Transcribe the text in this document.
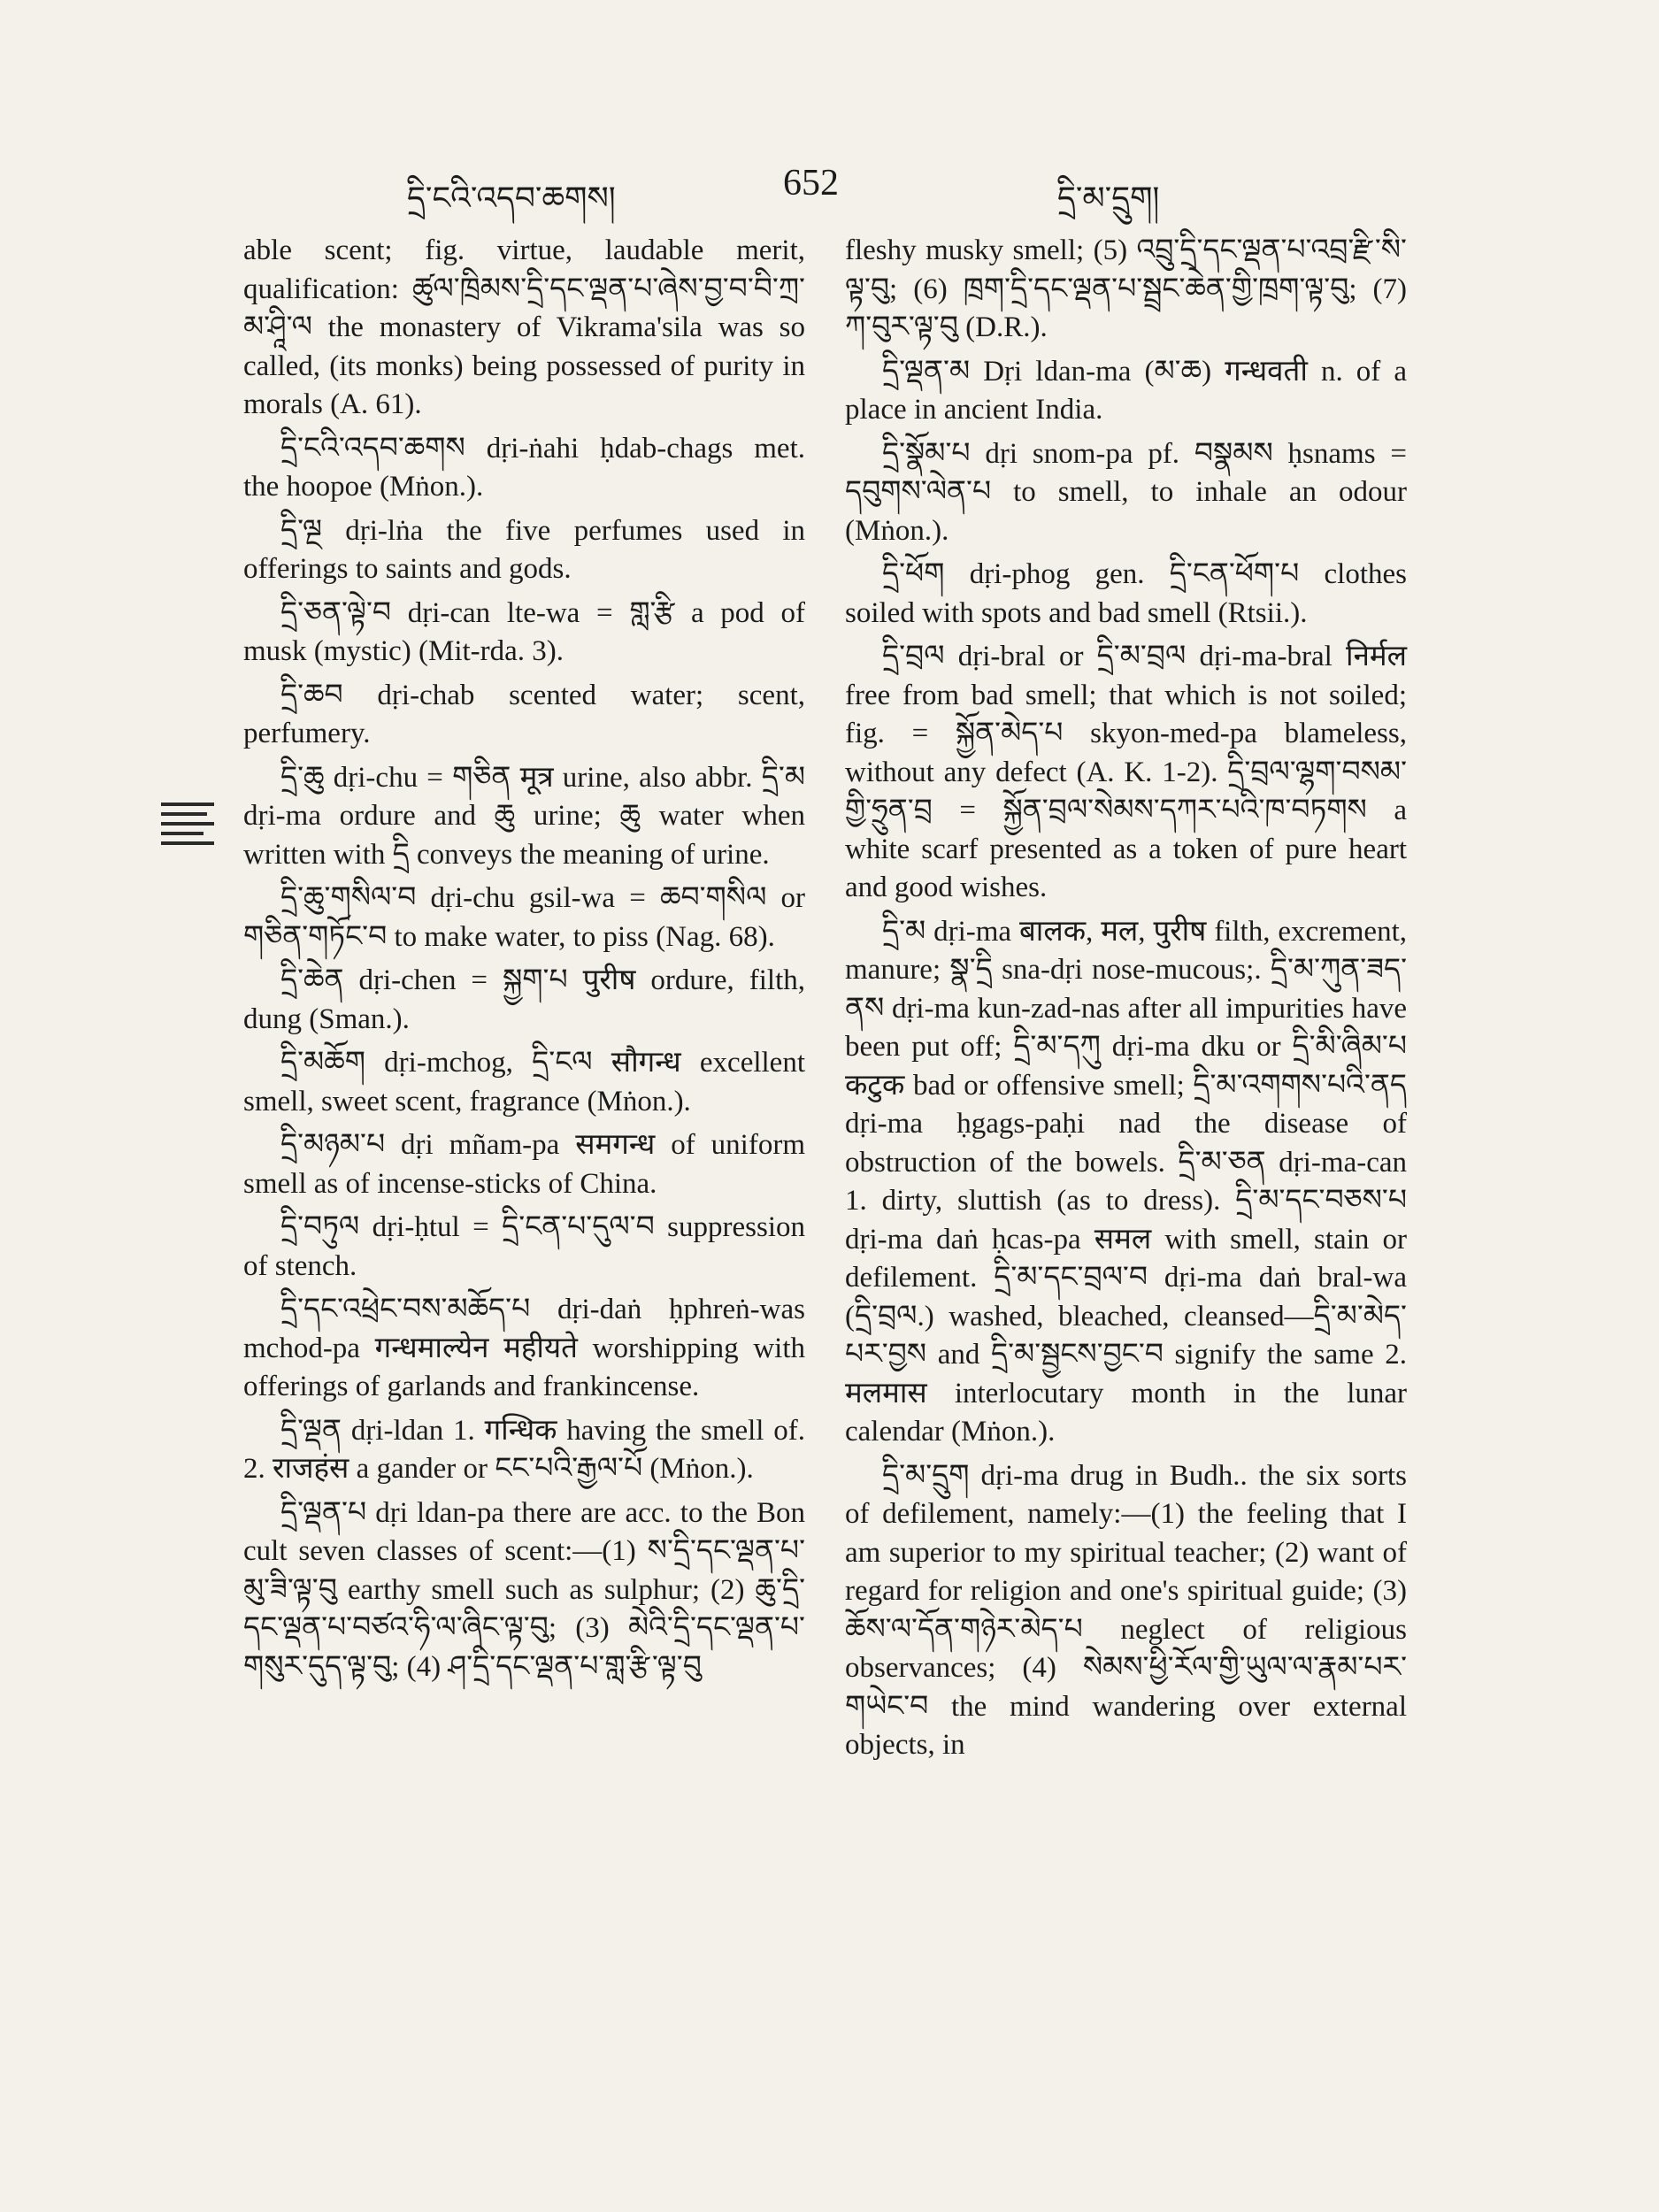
དྲི་ངའི་འདབ་ཆགས།	652	དྲི་མ་དྲུག།

able scent; fig. virtue, laudable merit, qualification: ཚུལ་ཁྲིམས་དྲི་དང་ལྡན་པ་ཞེས་བྱ་བ་བི་ཀྲ་མ་ཤཱི་ལ the monastery of Vikrama'sila was so called, (its monks) being possessed of purity in morals (A. 61).

དྲི་ངའི་འདབ་ཆགས dṛi-ṅahi ḥdab-chags met. the hoopoe (Mṅon.).

དྲི་ལྔ dṛi-lṅa the five perfumes used in offerings to saints and gods.

དྲི་ཅན་ལྟེ་བ dṛi-can lte-wa = གླ་རྩི a pod of musk (mystic) (Mit-rda. 3).

དྲི་ཆབ dṛi-chab scented water; scent, perfumery.

དྲི་ཆུ dṛi-chu = གཅིན मूत्र urine, also abbr. དྲི་མ dṛi-ma ordure and ཆུ urine; ཆུ water when written with དྲི conveys the meaning of urine.

དྲི་ཆུ་གསིལ་བ dṛi-chu gsil-wa = ཆབ་གསིལ or གཅིན་གཏོང་བ to make water, to piss (Nag. 68).

དྲི་ཆེན dṛi-chen = སྐྱག་པ पुरीष ordure, filth, dung (Sman.).

དྲི་མཆོག dṛi-mchog, དྲི་ངལ सौगन्ध excellent smell, sweet scent, fragrance (Mṅon.).

དྲི་མཉམ་པ dṛi mñam-pa समगन्ध of uniform smell as of incense-sticks of China.

དྲི་བཏུལ dṛi-ḥtul = དྲི་ངན་པ་དུལ་བ suppression of stench.

དྲི་དང་འཕྲེང་བས་མཆོད་པ dṛi-daṅ ḥphreṅ-was mchod-pa गन्धमाल्येन महीयते worshipping with offerings of garlands and frankincense.

དྲི་ལྡན dṛi-ldan 1. गन्धिक having the smell of. 2. राजहंस a gander or ངང་པའི་རྒྱལ་པོ (Mṅon.).

དྲི་ལྡན་པ dṛi ldan-pa there are acc. to the Bon cult seven classes of scent:—(1) ས་དྲི་དང་ལྡན་པ་མུ་ཟི་ལྟ་བུ earthy smell such as sulphur; (2) ཆུ་དྲི་དང་ལྡན་པ་བཙའ་ཧི་ལ་ཞིང་ལྟ་བུ; (3) མེའི་དྲི་དང་ལྡན་པ་གསུར་དུད་ལྟ་བུ; (4) ཤ་དྲི་དང་ལྡན་པ་གླ་རྩི་ལྟ་བུ

fleshy musky smell; (5) འབྲུ་དྲི་དང་ལྡན་པ་འབྲ་རྫི་སི་ལྟ་བུ; (6) ཁྲག་དྲི་དང་ལྡན་པ་སྦྲང་ཆེན་གྱི་ཁྲག་ལྟ་བུ; (7) ཀ་བུར་ལྟ་བུ (D.R.).

དྲི་ལྡན་མ Dṛi ldan-ma (མ་ཆ) गन्धवती n. of a place in ancient India.

དྲི་སྣོམ་པ dṛi snom-pa pf. བསྣམས ḥsnams = དབུགས་ལེན་པ to smell, to inhale an odour (Mṅon.).

དྲི་ཕོག dṛi-phog gen. དྲི་ངན་ཕོག་པ clothes soiled with spots and bad smell (Rtsii.).

དྲི་བྲལ dṛi-bral or དྲི་མ་བྲལ dṛi-ma-bral निर्मल free from bad smell; that which is not soiled; fig. = སྐྱོན་མེད་པ skyon-med-pa blameless, without any defect (A. K. 1-2). དྲི་བྲལ་ལྷག་བསམ་གྱི་ཧྲུན་བྲ = སྐྱོན་བྲལ་སེམས་དཀར་པའི་ཁ་བཏགས a white scarf presented as a token of pure heart and good wishes.

དྲི་མ dṛi-ma बालक, मल, पुरीष filth, excrement, manure; སྣ་དྲི sna-dṛi nose-mucous;. དྲི་མ་ཀུན་ཟད་ནས dṛi-ma kun-zad-nas after all impurities have been put off; དྲི་མ་དཀུ dṛi-ma dku or དྲི་མི་ཞིམ་པ कटुक bad or offensive smell; དྲི་མ་འགགས་པའི་ནད dṛi-ma ḥgags-paḥi nad the disease of obstruction of the bowels. དྲི་མ་ཅན dṛi-ma-can 1. dirty, sluttish (as to dress). དྲི་མ་དང་བཅས་པ dṛi-ma daṅ ḥcas-pa समल with smell, stain or defilement. དྲི་མ་དང་བྲལ་བ dṛi-ma daṅ bral-wa (དྲི་བྲལ.) washed, bleached, cleansed—དྲི་མ་མེད་པར་བྱས and དྲི་མ་སྦྱངས་བྱང་བ signify the same 2. मलमास interlocutary month in the lunar calendar (Mṅon.).

དྲི་མ་དྲུག dṛi-ma drug in Budh.. the six sorts of defilement, namely:—(1) the feeling that I am superior to my spiritual teacher; (2) want of regard for religion and one's spiritual guide; (3) ཆོས་ལ་དོན་གཉེར་མེད་པ neglect of religious observances; (4) སེམས་ཕྱི་རོལ་གྱི་ཡུལ་ལ་རྣམ་པར་གཡེང་བ the mind wandering over external objects, in
